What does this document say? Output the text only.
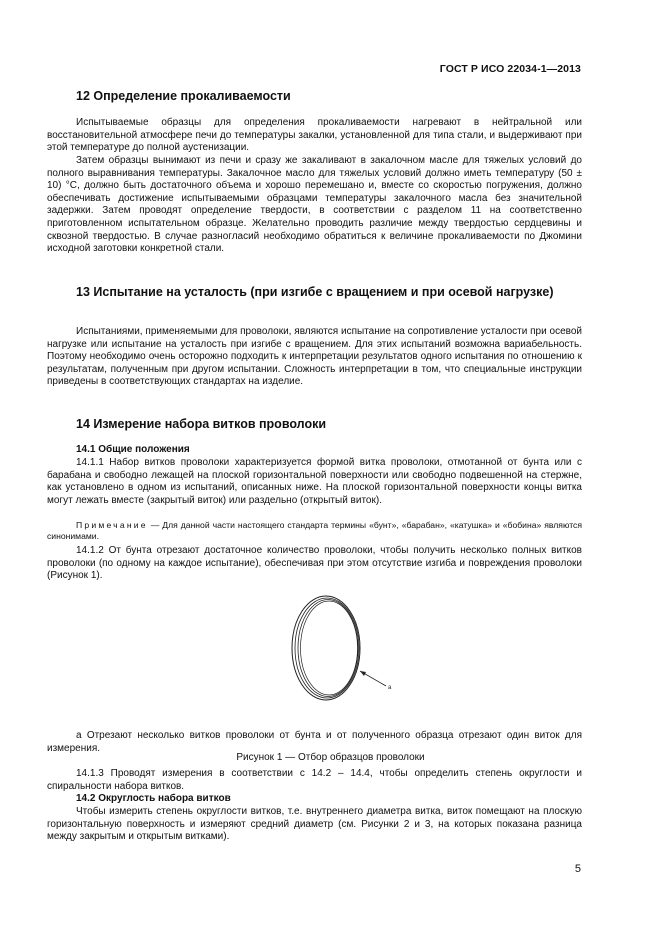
ГОСТ Р ИСО 22034-1—2013
12 Определение прокаливаемости

Испытываемые образцы для определения прокаливаемости нагревают в нейтральной или восстановительной атмосфере печи до температуры закалки, установленной для типа стали, и выдерживают при этой температуре до полной аустенизации.

Затем образцы вынимают из печи и сразу же закаливают в закалочном масле для тяжелых условий до полного выравнивания температуры. Закалочное масло для тяжелых условий должно иметь температуру (50 ± 10) °C, должно быть достаточного объема и хорошо перемешано и, вместе со скоростью погружения, должно обеспечивать достижение испытываемыми образцами температуры закалочного масла без значительной задержки. Затем проводят определение твердости, в соответствии с разделом 11 на соответственно приготовленном испытательном образце. Желательно проводить различие между твердостью сердцевины и сквозной твердостью. В случае разногласий необходимо обратиться к величине прокаливаемости по Джомини исходной заготовки конкретной стали.

13 Испытание на усталость (при изгибе с вращением и при осевой нагрузке)

Испытаниями, применяемыми для проволоки, являются испытание на сопротивление усталости при осевой нагрузке или испытание на усталость при изгибе с вращением. Для этих испытаний возможна вариабельность. Поэтому необходимо очень осторожно подходить к интерпретации результатов одного испытания по отношению к результатам, полученным при другом испытании. Сложность интерпретации в том, что специальные инструкции приведены в соответствующих стандартах на изделие.

14 Измерение набора витков проволоки
14.1 Общие положения

14.1.1 Набор витков проволоки характеризуется формой витка проволоки, отмотанной от бунта или с барабана и свободно лежащей на плоской горизонтальной поверхности или свободно подвешенной на стержне, как установлено в одном из испытаний, описанных ниже. На плоской горизонтальной поверхности концы витка могут лежать вместе (закрытый виток) или раздельно (открытый виток).

Примечание — Для данной части настоящего стандарта термины «бунт», «барабан», «катушка» и «бобина» являются синонимами.

14.1.2 От бунта отрезают достаточное количество проволоки, чтобы получить несколько полных витков проволоки (по одному на каждое испытание), обеспечивая при этом отсутствие изгиба и повреждения проволоки (Рисунок 1).

a

a Отрезают несколько витков проволоки от бунта и от полученного образца отрезают один виток для измерения.

Рисунок 1 — Отбор образцов проволоки

14.1.3 Проводят измерения в соответствии с 14.2 – 14.4, чтобы определить степень округлости и спиральности набора витков.

14.2 Округлость набора витков

Чтобы измерить степень округлости витков, т.е. внутреннего диаметра витка, виток помещают на плоскую горизонтальную поверхность и измеряют средний диаметр (см. Рисунки 2 и 3, на которых показана разница между закрытым и открытым витками).

5
